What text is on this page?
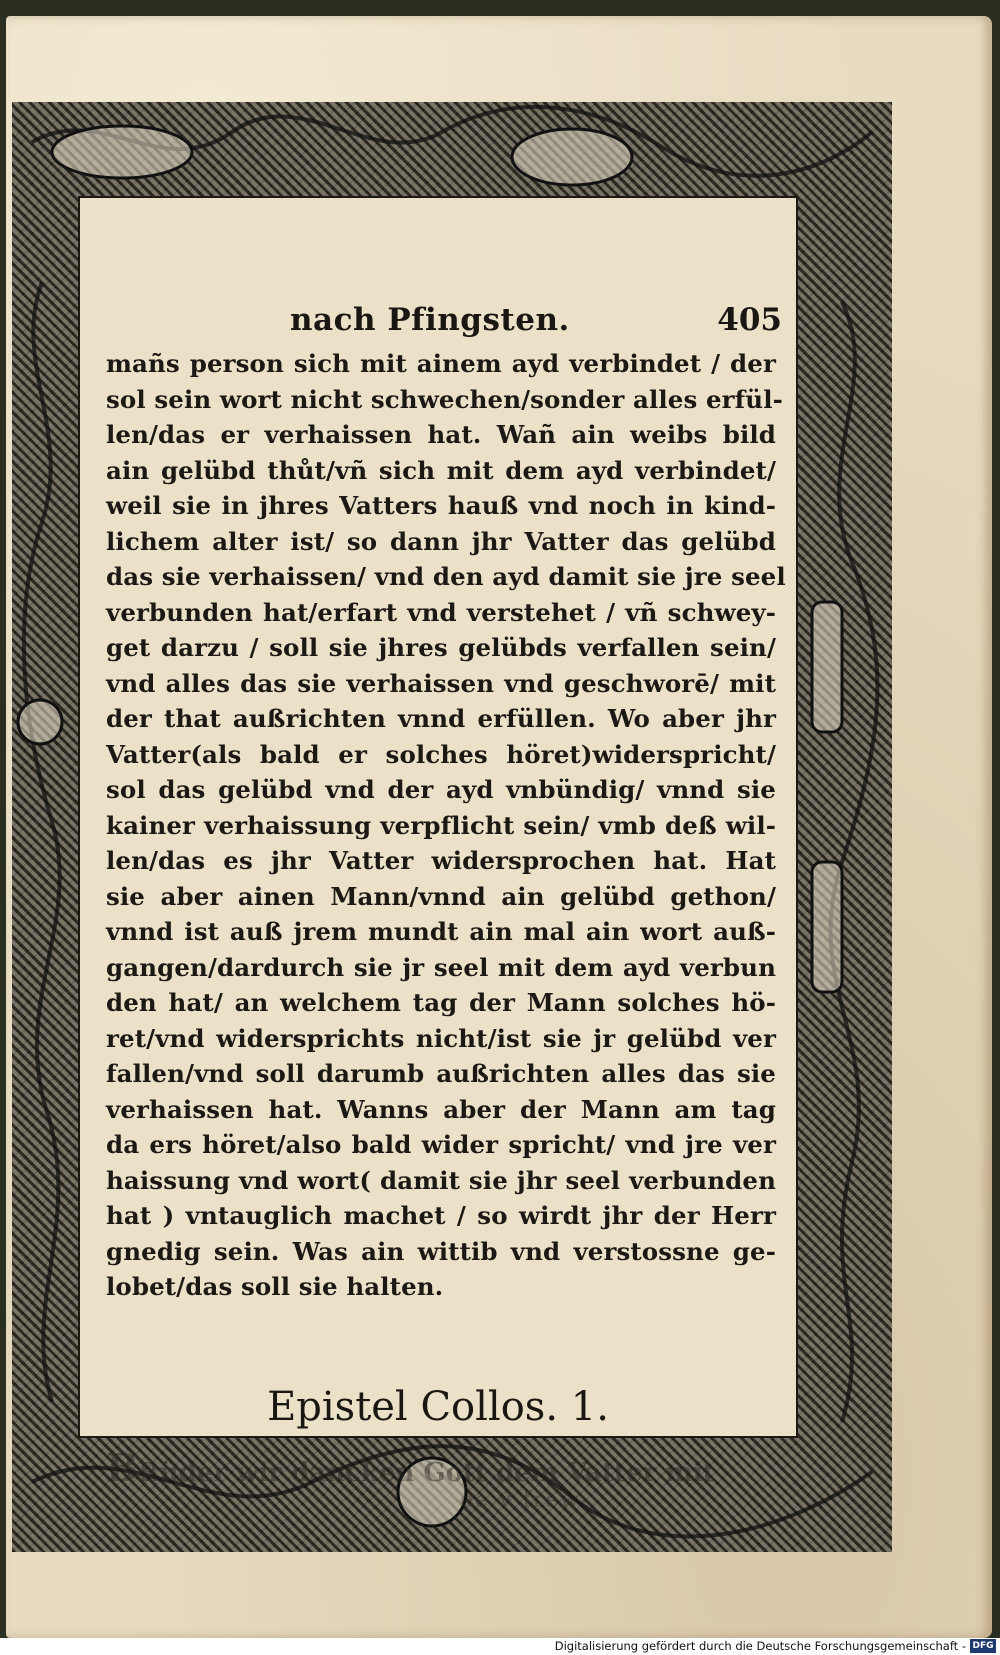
nach Pfingsten.	405
mañs person sich mit ainem ayd verbindet / der
sol sein wort nicht schwechen/sonder alles erfül-
len/das er verhaissen hat. Wañ ain weibs bild
ain gelübd thůt/vñ sich mit dem ayd verbindet/
weil sie in jhres Vatters hauß vnd noch in kind-
lichem alter ist/ so dann jhr Vatter das gelübd
das sie verhaissen/ vnd den ayd damit sie jre seel
verbunden hat/erfart vnd verstehet / vñ schwey-
get darzu / soll sie jhres gelübds verfallen sein/
vnd alles das sie verhaissen vnd geschworē/ mit
der that außrichten vnnd erfüllen. Wo aber jhr
Vatter(als bald er solches höret)widerspricht/
sol das gelübd vnd der ayd vnbündig/ vnnd sie
kainer verhaissung verpflicht sein/ vmb deß wil-
len/das es jhr Vatter widersprochen hat. Hat
sie aber ainen Mann/vnnd ain gelübd gethon/
vnnd ist auß jrem mundt ain mal ain wort auß-
gangen/dardurch sie jr seel mit dem ayd verbun
den hat/ an welchem tag der Mann solches hö-
ret/vnd widersprichts nicht/ist sie jr gelübd ver
fallen/vnd soll darumb außrichten alles das sie
verhaissen hat. Wanns aber der Mann am tag
da ers höret/also bald wider spricht/ vnd jre ver
haissung vnd wort( damit sie jhr seel verbunden
hat ) vntauglich machet / so wirdt jhr der Herr
gnedig sein. Was ain wittib vnd verstossne ge-
lobet/das soll sie halten.
Epistel Collos. 1.
BRüder wir dancken Gott dem Vatter mit
ee v frew-
Digitalisierung gefördert durch die Deutsche Forschungsgemeinschaft - DFG
